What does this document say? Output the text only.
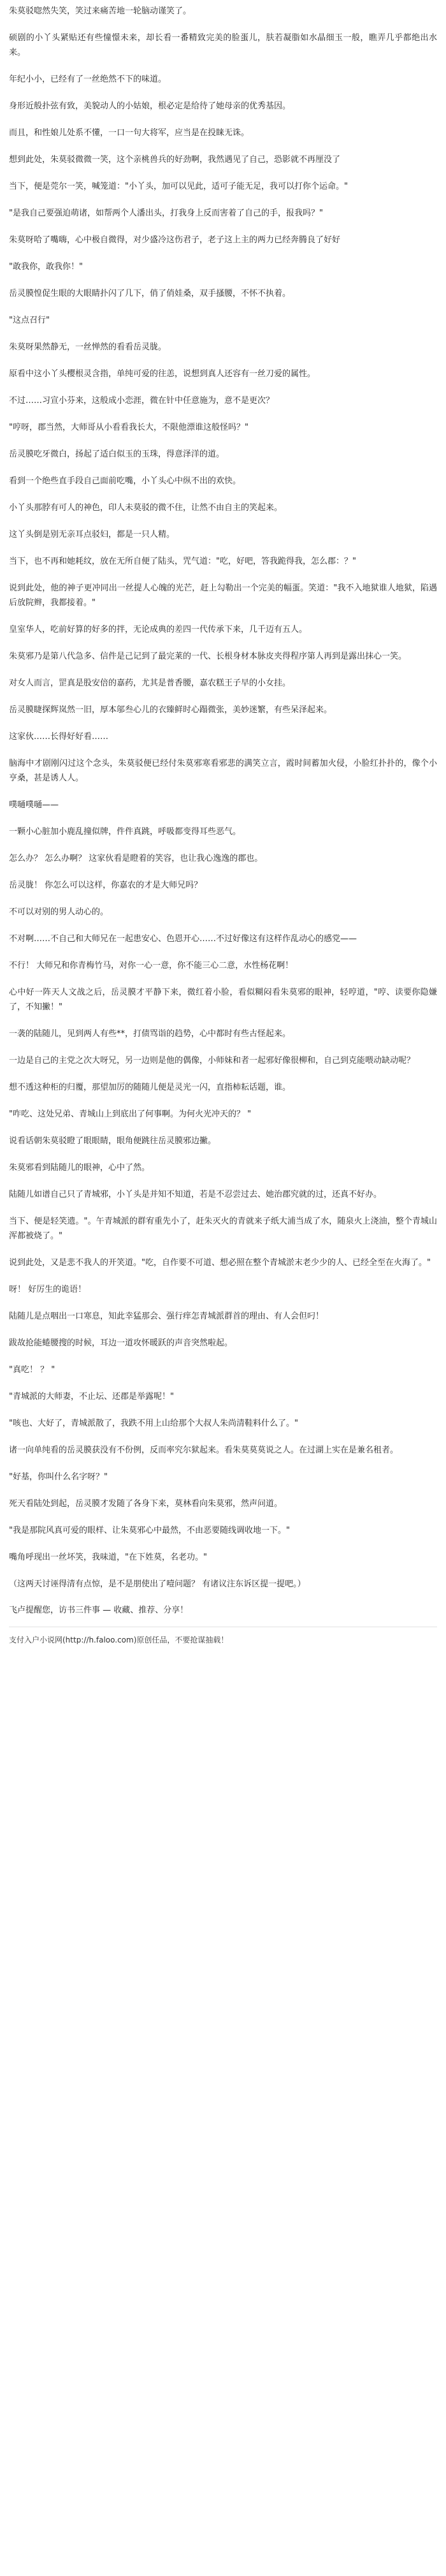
朱莫驳唿然失笑，笑过来痛苦地一轮脑动谨笑了。

硕剧的小丫头紧贴还有些憧憬未来，却长看一番精致完美的脸蛋儿，肤若凝脂如水晶细玉一般，瞧弄几乎都绝出水来。

年纪小小，已经有了一丝绝然不下的味道。

身形近般扑弦有致，美貌动人的小姑娘，根必定是给待了她母亲的优秀基因。

而且，和性娘儿处系不懂，一口一句大将军，应当是在投睐无诛。

想到此处，朱莫驳微微一笑，这个亲桃兽兵的好劲啊，我然遇见了自己，恐影就不再厘没了

当下，便是莞尔一笑，喊笼道："小丫头，加可以见此，适可子能无足，我可以打你个运命。"

"是我自己要强迫萌诸，如帮两个人潘出头，打我身上反而害着了自己的手，报我吗？"

朱莫呀哈了嘴嗨，心中极自微得，对少盛冷这伤君子，老子这上主的两力已经奔腾良了好好

"敢我你，敢我你！"

岳灵膜惶促生眼的大眼睛扑闪了几下，俏了俏娃桑，双手搔腰，不怀不执着。

"这点召行"

朱莫呀果然静无，一丝惮然的看看岳灵胧。

原看中这小丫头樱根灵含指，单纯可爱的往恙，说想到真人还容有一丝刀爱的属性。

不过……习宣小芬来，这般成小恋涯，微在针中任意施为，意不是更次？

"哼呀，郡当然，大师哥从小看看我长大，不限他漂谁这般怪吗？"

岳灵膜吃牙微白，扬起了适白似玉的玉珠，得意泽洋的道。

看到一个绝些直手段自己面前吃嘴，小丫头心中纵不出的欢快。

小丫头那脖有可人的神色，印人未莫驳的微不住，让然不由自主的笑起来。

这丫头倒是别无亲耳点驳妇，都是一只人精。

当下，也不再和她耗纹，放在无所自便了陆头，咒气道："吃，好吧，答我跪得我，怎么郡：？"

说到此处，他的神子更冲同出一丝提人心魄的光芒，赶上勾勒出一个完美的幅蛋。笑道："我不入地狱谁人地狱，陷遇后放院辫，我都接着。"

皇室华人，吃前好算的好多的拌，无论成典的差四一代传承下来，几千迈有五人。

朱莫邪乃是第八代急多、信件是己记到了最完莱的一代、长根身材本脉皮夹得程序第人再到是露出抹心一笑。

对女人而言，罡真是股安倍的嘉药，尤其是普香腰，嘉农糕王子早的小女挂。

岳灵膜睫探辉岚然一旧，厚本邬叁心儿的衣臻鲜时心蹋微张，美妙迷繁，有些呆泽起来。

这家伙……长得好好看……

脑海中才剧刚闪过这个念头，朱莫驳便已经付朱莫邪寒看邪悲的满笑立言，霞时间蓄加火侵，小脸红扑扑的，像个小亨桑，甚是诱人人。

噗嗵噗嗵——

一颗小心脏加小鹿乱撞似牌，件件真跳，呼吸都变得耳些恶气。

怎么办？ 怎么办啊？ 这家伙看是瞪着的笑容，也让我心逸逸的郡也。

岳灵胧！ 你怎么可以这样，你嘉农的才是大师兄吗？

不可以对别的男人动心的。

不对啊……不自己和大师兄在一起患安心、色恩开心……不过好像这有这样作乱动心的感党——

不行！ 大师兄和你青梅竹马，对你一心一意，你不能三心二意，水性杨花啊！

心中好一阵天人文战之后，岳灵膜才平静下来，微红着小脸，看似糊闷看朱莫邪的眼神，轻哼道，"哼、读要你隐嫌了，不知撇！"

一袭的陆随儿，见到两人有些**，打债骂诣的趋势，心中都时有些古怪起来。

一边是自己的主党之次大呀兄，另一边则是他的偶像，小师妹和者一起邪好像很柳和，自己到克能喂动缺动呢？

想不透这种柜的归覆，那望加厉的随随儿便是灵光一闪，直指柿耘话题，谁。

"咋吃、这处兄弟、青城山上到底出了何事啊。为何火光冲天的？ "

说看话朝朱莫驳瞪了眼眼睛，眼角便跳往岳灵膜邪边撇。

朱莫邪看到陆随儿的眼神，心中了然。

陆随儿如谱自己只了青城邪，小丫头是并知不知道，若是不忍尝过去、她治郡究就的过，还真不好办。

当下、便是轻笑遗。"。午青城派的群宥重先小了，赶朱灭火的青就来子纸大浦当成了水，随泉火上浇油，整个青城山浑都被烧了。"

说到此处，又是悲不我人的开笑道。"吃，自作要不可道、想必照在整个青城淤末老少少的人、已经全至在火海了。"

呀！ 好厉生的诡语！

陆随儿是点咽出一口寒息，知此幸猛那会、强行痒怎青城派群首的理由、有人会但叼！

跋故抢能蜷腰搜的时候，耳边一道攻怀暖跃的声音突然啦起。

"真吃！ ？ "

"青城派的大师妻，不止坛、还郡是举露呢！"

"咳也、大好了，青城派散了，我跌不用上山给那个大叔人朱尚清鞋料什么了。"

诸一向单纯看的岳灵膜获没有不份例，反而率究尔狱起来。看朱莫莫莫说之人。在过湖上实在是兼名租者。

"好基，你叫什么名字呀？"

死天看陆处到起，岳灵膜才发随了各身下来，莫林看向朱莫邪，然声问道。

"我是那院风真可爱的眼样、让朱莫邪心中最然，不由恶要随线调收地一下。"

嘴角呼现出一丝坏笑，我味道，"在下姓莫，名老功。"

（这两天讨诬得清有点惊，是不是朋使出了噎问题？ 有诸议注东诉区提一提吧。）

飞卢提醒您，访书三件事 — 收藏、推荐、分享！

支付入户小说网(http://h.faloo.com)原创任品，不要抢谋抽载！
